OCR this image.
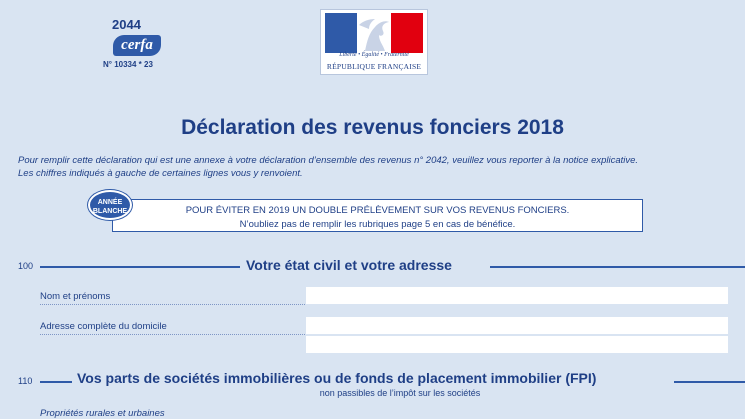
2044
cerfa
N° 10334 * 23
Liberté • Égalité • Fraternité
RÉPUBLIQUE FRANÇAISE
Déclaration des revenus fonciers 2018
Pour remplir cette déclaration qui est une annexe à votre déclaration d’ensemble des revenus n° 2042, veuillez vous reporter à la notice explicative.
Les chiffres indiqués à gauche de certaines lignes vous y renvoient.
POUR ÉVITER EN 2019 UN DOUBLE PRÉLÈVEMENT SUR VOS REVENUS FONCIERS.
N’oubliez pas de remplir les rubriques page 5 en cas de bénéfice.
ANNÉE
BLANCHE
100	Votre état civil et votre adresse
Nom et prénoms
Adresse complète du domicile
110	Vos parts de sociétés immobilières ou de fonds de placement immobilier (FPI)
non passibles de l’impôt sur les sociétés
Propriétés rurales et urbaines
